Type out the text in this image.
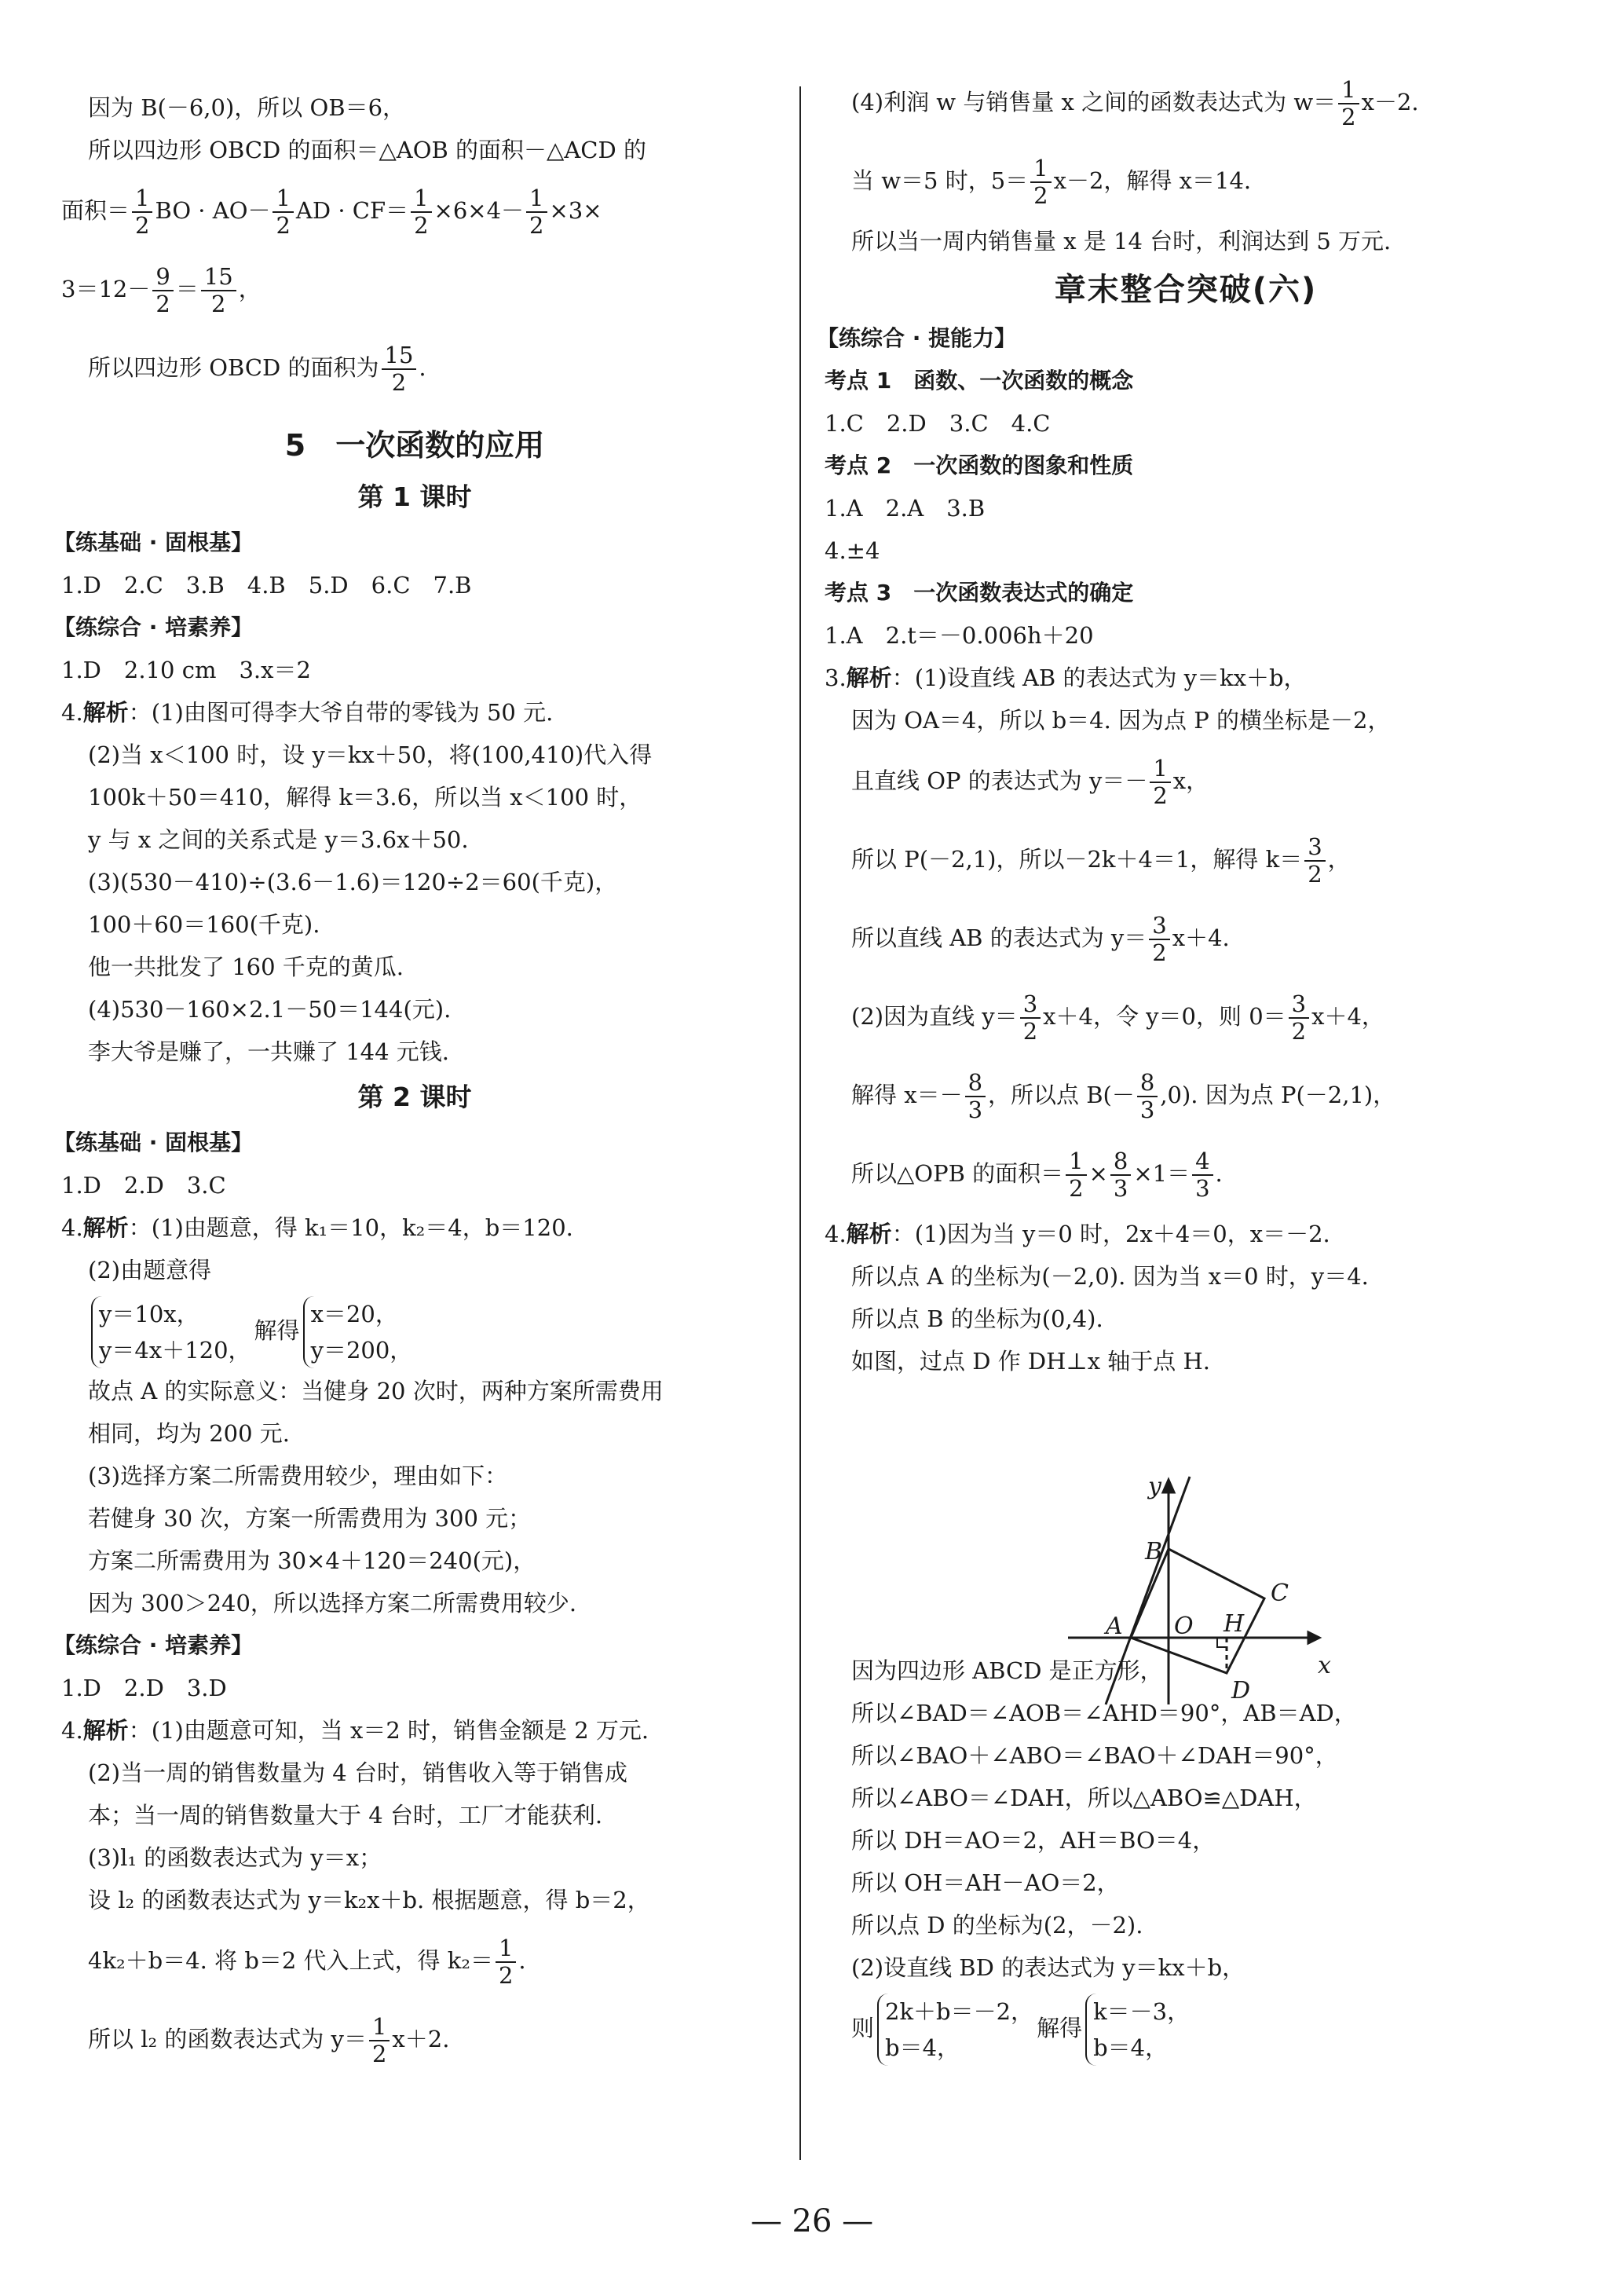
因为 B(－6,0)，所以 OB＝6，
所以四边形 OBCD 的面积＝△AOB 的面积－△ACD 的
面积＝ $\frac{1}{2}$ BO · $AO- \frac{1}{2}$ AD · $CF= \frac{1}{2} \times 6\times 4- \frac{1}{2} \times 3\times$
$3=12- \frac{9}{2} = \frac{15}{2}$ ，
所以四边形 OBCD 的面积为 $\frac{15}{2}$ .
5　一次函数的应用
第 1 课时
【练基础 · 固根基】
1.D　2.C　3.B　4.B　5.D　6.C　7.B
【练综合 · 培素养】
1.D　2.10 cm　3.x＝2
4.解析：(1)由图可得李大爷自带的零钱为 50 元.
(2)当 x＜100 时，设 y＝kx＋50，将(100,410)代入得
100k＋50＝410，解得 k＝3.6，所以当 x＜100 时，
y 与 x 之间的关系式是 y＝3.6x＋50.
(3)(530－410)÷(3.6－1.6)＝120÷2＝60(千克)，
100＋60＝160(千克).
他一共批发了 160 千克的黄瓜.
(4)530－160×2.1－50＝144(元).
李大爷是赚了，一共赚了 144 元钱.
第 2 课时
【练基础 · 固根基】
1.D　2.D　3.C
4.解析：(1)由题意，得 k₁＝10，k₂＝4，b＝120.
(2)由题意得
y＝10x，
y＝4x＋120，解得x＝20，
y＝200，
故点 A 的实际意义：当健身 20 次时，两种方案所需费用
相同，均为 200 元.
(3)选择方案二所需费用较少，理由如下：
若健身 30 次，方案一所需费用为 300 元；
方案二所需费用为 30×4＋120＝240(元)，
因为 300＞240，所以选择方案二所需费用较少.
【练综合 · 培素养】
1.D　2.D　3.D
4.解析：(1)由题意可知，当 x＝2 时，销售金额是 2 万元.
(2)当一周的销售数量为 4 台时，销售收入等于销售成
本；当一周的销售数量大于 4 台时，工厂才能获利.
(3)l₁ 的函数表达式为 y＝x；
设 l₂ 的函数表达式为 y＝k₂x＋b. 根据题意，得 b＝2，
4k₂＋b＝4. 将 b＝2 代入上式，得 $k_2= \frac{1}{2}$ .
所以 l₂ 的函数表达式为 $y= \frac{1}{2} x+2$.
(4)利润 w 与销售量 x 之间的函数表达式为 $w= \frac{1}{2} x-2$.
当 w＝5 时，$5= \frac{1}{2} x-2$，解得 x＝14.
所以当一周内销售量 x 是 14 台时，利润达到 5 万元.
章末整合突破(六)
【练综合 · 提能力】
考点 1　函数、一次函数的概念
1.C　2.D　3.C　4.C
考点 2　一次函数的图象和性质
1.A　2.A　3.B
4.±4
考点 3　一次函数表达式的确定
1.A　2.t＝－0.006h＋20
3.解析：(1)设直线 AB 的表达式为 y＝kx＋b，
因为 OA＝4，所以 b＝4. 因为点 P 的横坐标是－2，
且直线 OP 的表达式为 $y=- \frac{1}{2}$ x，
所以 P(－2,1)，所以－2k＋4＝1，解得 $k= \frac{3}{2}$ ，
所以直线 AB 的表达式为 $y= \frac{3}{2} x+4$.
(2)因为直线 $y= \frac{3}{2} x+4$，令 y＝0，则 $0= \frac{3}{2} x+4$，
解得 $x=- \frac{8}{3}$ ，所以点 $B(- \frac{8}{3} ,0)$. 因为点 P(－2,1)，
所以△OPB 的面积＝ $\frac{1}{2} \times \frac{8}{3} \times 1= \frac{4}{3}$ .
4.解析：(1)因为当 y＝0 时，2x＋4＝0，x＝－2.
所以点 A 的坐标为(－2,0). 因为当 x＝0 时，y＝4.
所以点 B 的坐标为(0,4).
如图，过点 D 作 DH⊥x 轴于点 H.
因为四边形 ABCD 是正方形，
所以∠BAD＝∠AOB＝∠AHD＝90°，AB＝AD，
所以∠BAO＋∠ABO＝∠BAO＋∠DAH＝90°，
所以∠ABO＝∠DAH，所以△ABO≌△DAH，
所以 DH＝AO＝2，AH＝BO＝4，
所以 OH＝AH－AO＝2，
所以点 D 的坐标为(2，－2).
(2)设直线 BD 的表达式为 y＝kx＋b，
则2k＋b＝－2，
b＝4，解得k＝－3，
b＝4，
y
x
B
C
A O H
D
— 26 —
